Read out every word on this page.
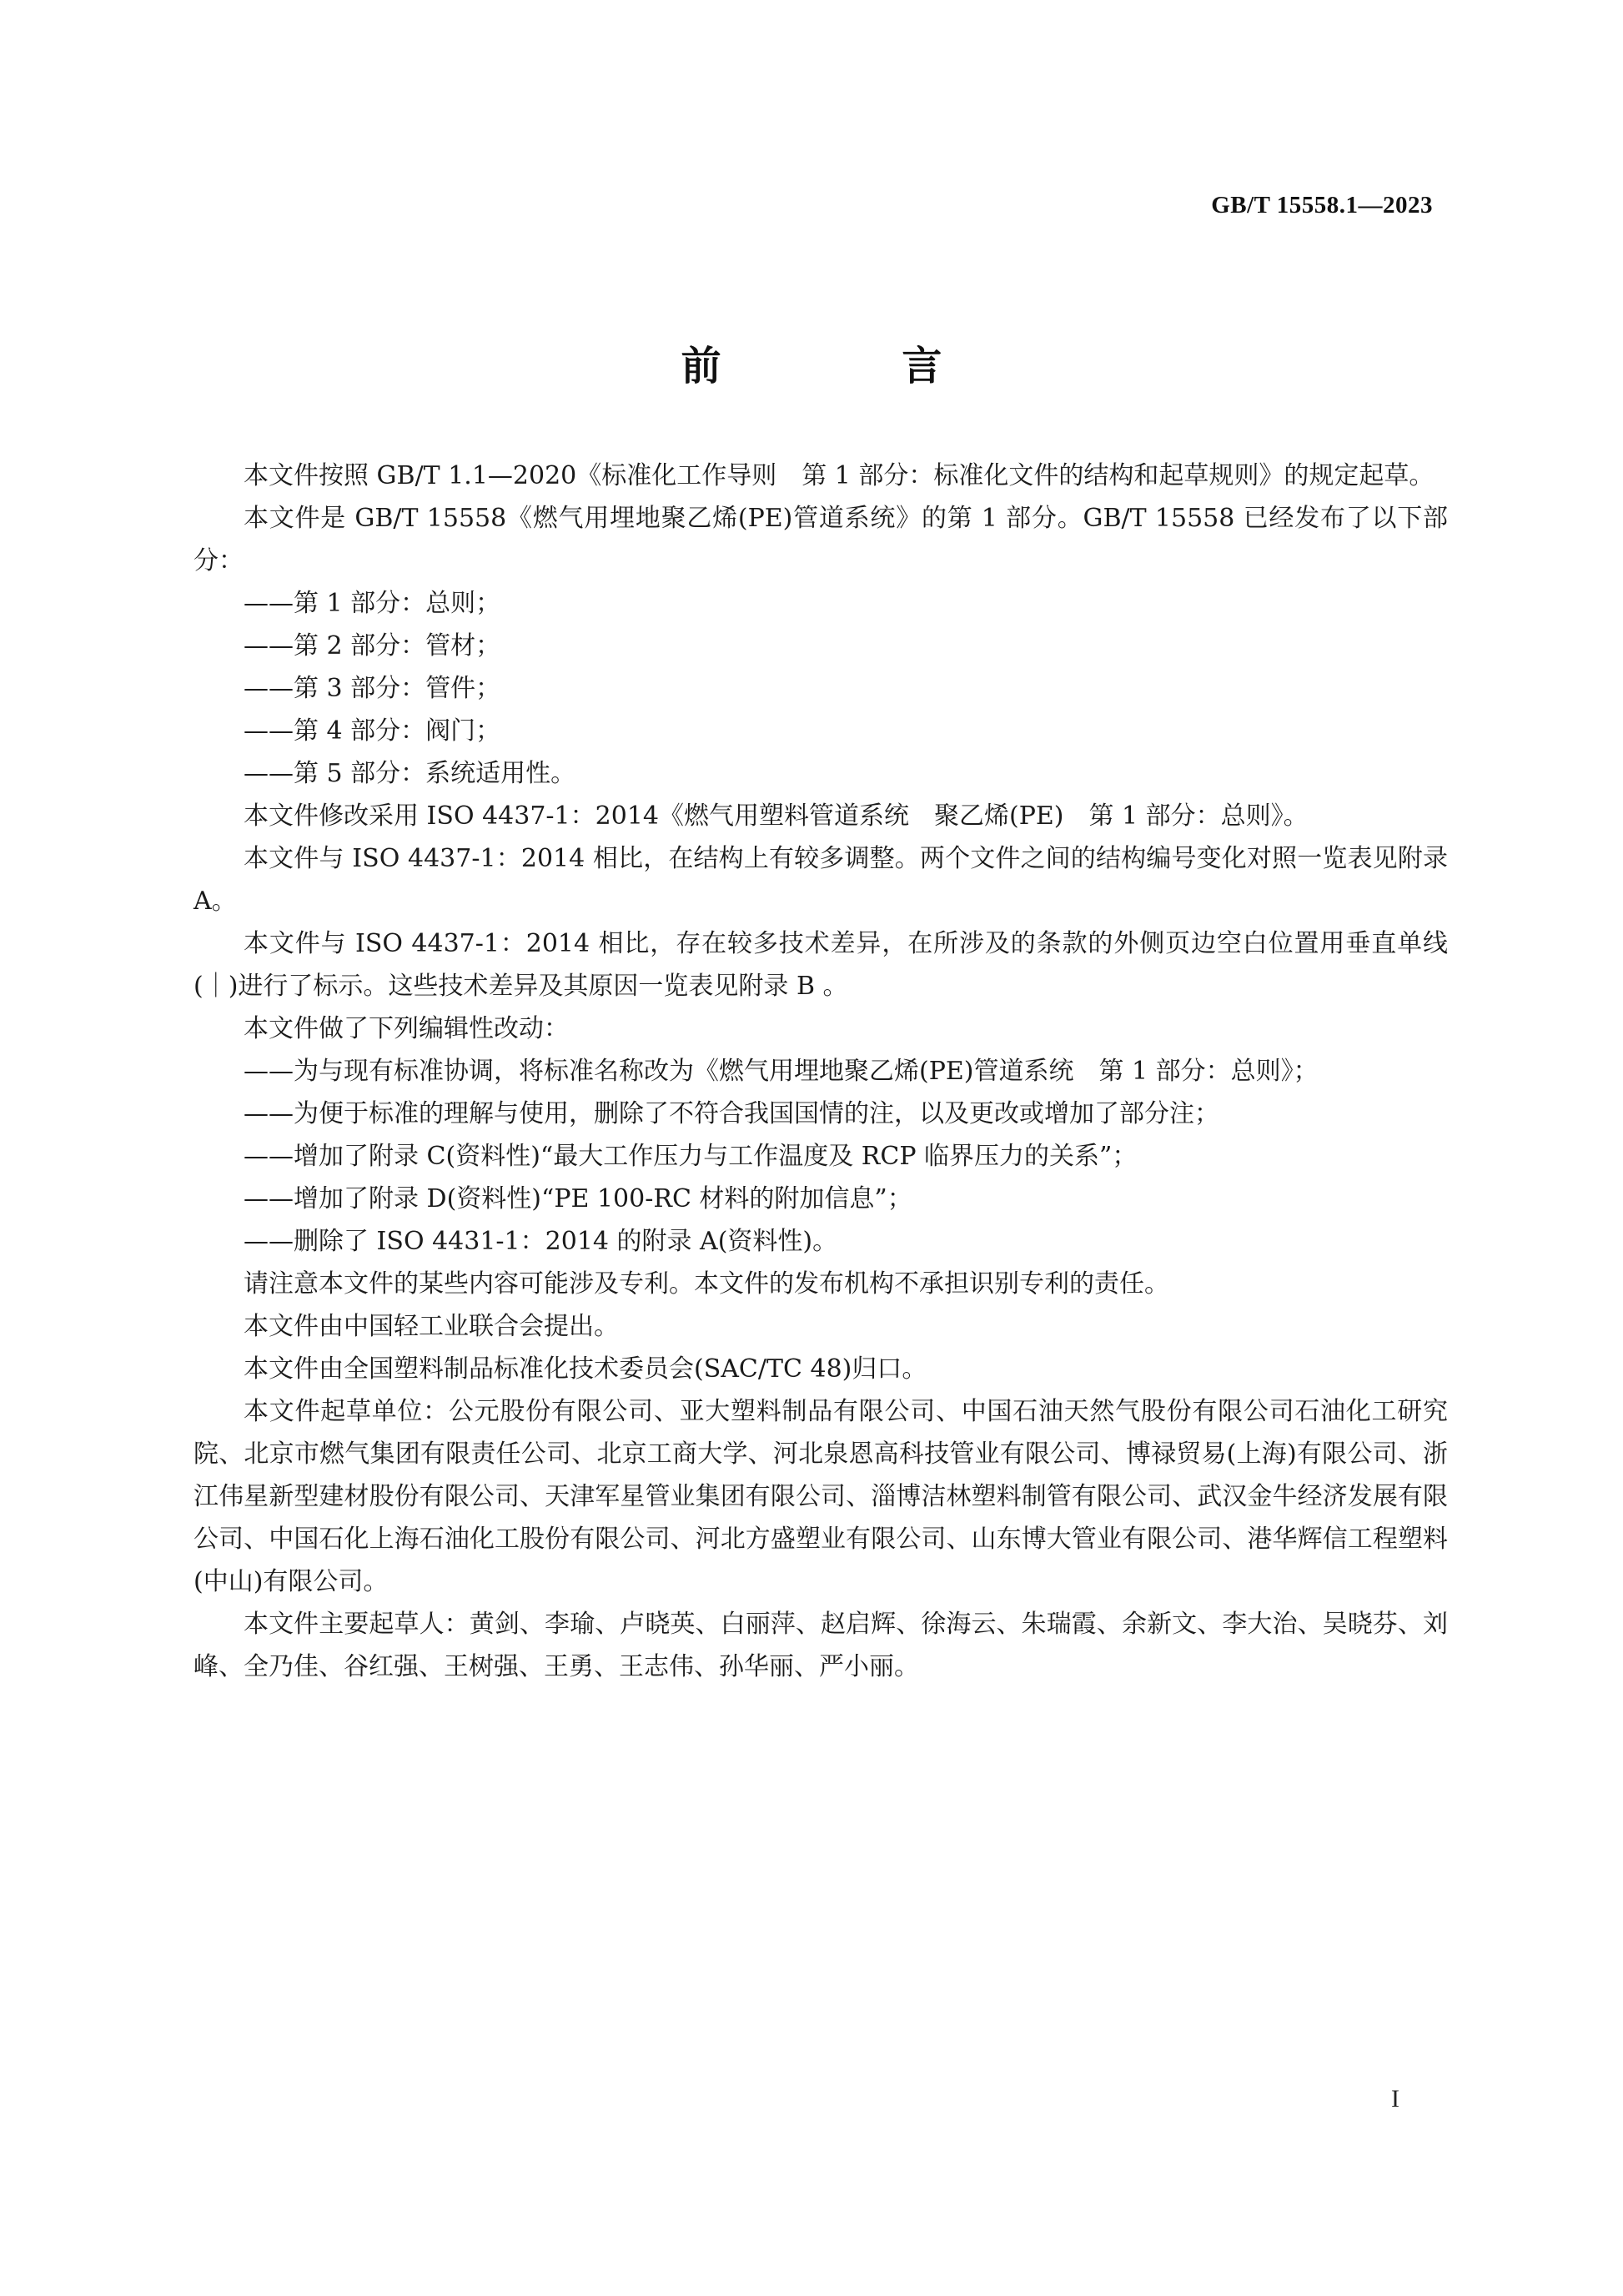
GB/T 15558.1—2023
前 言

本文件按照 GB/T 1.1—2020《标准化工作导则　第 1 部分：标准化文件的结构和起草规则》的规定起草。

本文件是 GB/T 15558《燃气用埋地聚乙烯(PE)管道系统》的第 1 部分。GB/T 15558 已经发布了以下部分：

——第 1 部分：总则；

——第 2 部分：管材；

——第 3 部分：管件；

——第 4 部分：阀门；

——第 5 部分：系统适用性。

本文件修改采用 ISO 4437-1：2014《燃气用塑料管道系统　聚乙烯(PE)　第 1 部分：总则》。

本文件与 ISO 4437-1：2014 相比，在结构上有较多调整。两个文件之间的结构编号变化对照一览表见附录 A。

本文件与 ISO 4437-1：2014 相比，存在较多技术差异，在所涉及的条款的外侧页边空白位置用垂直单线(｜)进行了标示。这些技术差异及其原因一览表见附录 B 。

本文件做了下列编辑性改动：

——为与现有标准协调，将标准名称改为《燃气用埋地聚乙烯(PE)管道系统　第 1 部分：总则》；

——为便于标准的理解与使用，删除了不符合我国国情的注，以及更改或增加了部分注；

——增加了附录 C(资料性)“最大工作压力与工作温度及 RCP 临界压力的关系”；

——增加了附录 D(资料性)“PE 100-RC 材料的附加信息”；

——删除了 ISO 4431-1：2014 的附录 A(资料性)。

请注意本文件的某些内容可能涉及专利。本文件的发布机构不承担识别专利的责任。

本文件由中国轻工业联合会提出。

本文件由全国塑料制品标准化技术委员会(SAC/TC 48)归口。

本文件起草单位：公元股份有限公司、亚大塑料制品有限公司、中国石油天然气股份有限公司石油化工研究院、北京市燃气集团有限责任公司、北京工商大学、河北泉恩高科技管业有限公司、博禄贸易(上海)有限公司、浙江伟星新型建材股份有限公司、天津军星管业集团有限公司、淄博洁林塑料制管有限公司、武汉金牛经济发展有限公司、中国石化上海石油化工股份有限公司、河北方盛塑业有限公司、山东博大管业有限公司、港华辉信工程塑料(中山)有限公司。

本文件主要起草人：黄剑、李瑜、卢晓英、白丽萍、赵启辉、徐海云、朱瑞霞、余新文、李大治、吴晓芬、刘峰、全乃佳、谷红强、王树强、王勇、王志伟、孙华丽、严小丽。

I
